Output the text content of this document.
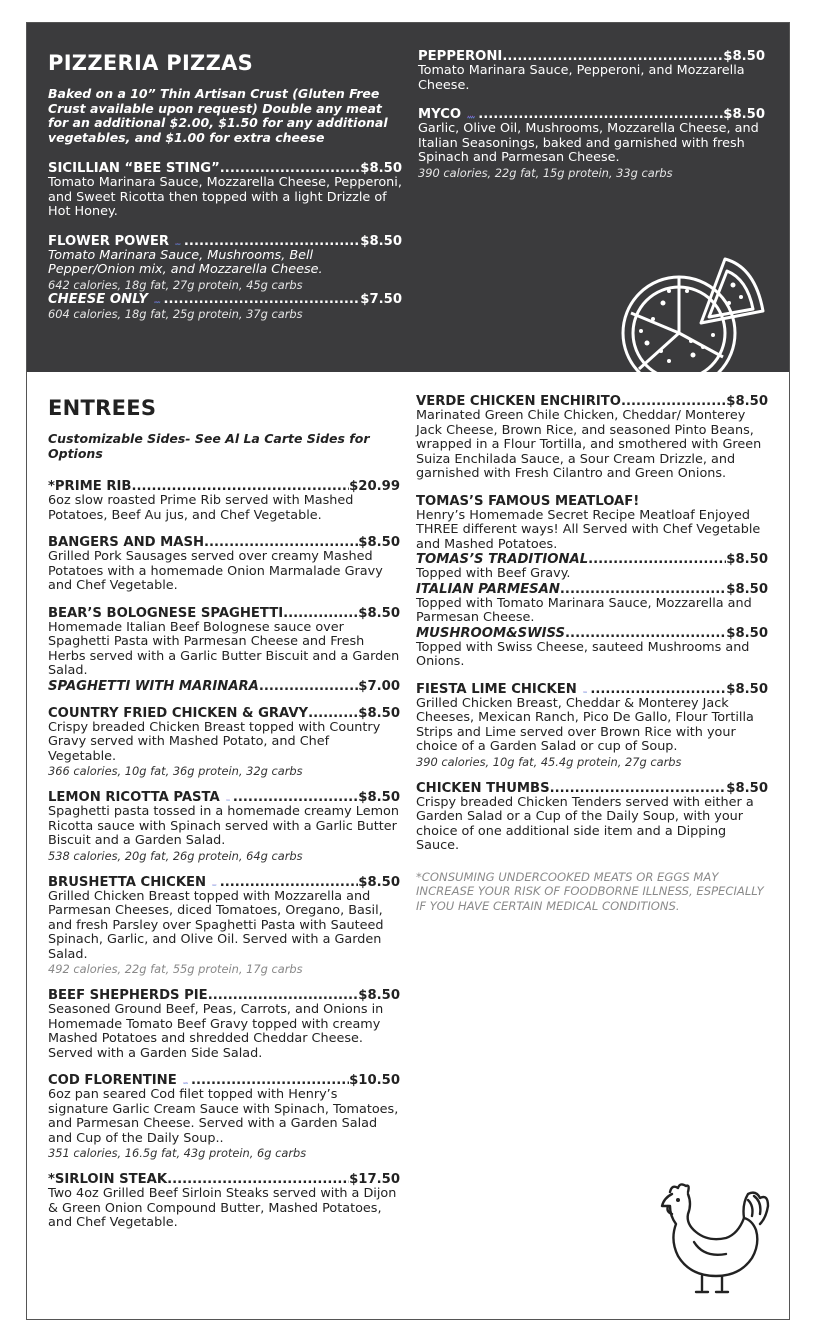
PIZZERIA PIZZAS
Baked on a 10” Thin Artisan Crust (Gluten Free Crust available upon request) Double any meat for an additional $2.00, $1.50 for any additional vegetables, and $1.00 for extra cheese
SICILLIAN “BEE STING” .....	$8.50
Tomato Marinara Sauce, Mozzarella Cheese, Pepperoni, and Sweet Ricotta then topped with a light Drizzle of Hot Honey.
FLOWER POWER .....	$8.50
Tomato Marinara Sauce, Mushrooms, Bell Pepper/Onion mix, and Mozzarella Cheese.
642 calories, 18g fat, 27g protein, 45g carbs
CHEESE ONLY .....	$7.50
604 calories, 18g fat, 25g protein, 37g carbs
PEPPERONI .....	$8.50
Tomato Marinara Sauce, Pepperoni, and Mozzarella Cheese.
MYCO .....	$8.50
Garlic, Olive Oil, Mushrooms, Mozzarella Cheese, and Italian Seasonings, baked and garnished with fresh Spinach and Parmesan Cheese.
390 calories, 22g fat, 15g protein, 33g carbs
ENTREES
Customizable Sides- See Al La Carte Sides for Options
*PRIME RIB .....	$20.99
6oz slow roasted Prime Rib served with Mashed Potatoes, Beef Au jus, and Chef Vegetable.
BANGERS AND MASH .....	$8.50
Grilled Pork Sausages served over creamy Mashed Potatoes with a homemade Onion Marmalade Gravy and Chef Vegetable.
BEAR’S BOLOGNESE SPAGHETTI .....	$8.50
Homemade Italian Beef Bolognese sauce over Spaghetti Pasta with Parmesan Cheese and Fresh Herbs served with a Garlic Butter Biscuit and a Garden Salad.
SPAGHETTI WITH MARINARA .....	$7.00
COUNTRY FRIED CHICKEN & GRAVY .....	$8.50
Crispy breaded Chicken Breast topped with Country Gravy served with Mashed Potato, and Chef Vegetable.
366 calories, 10g fat, 36g protein, 32g carbs
LEMON RICOTTA PASTA .....	$8.50
Spaghetti pasta tossed in a homemade creamy Lemon Ricotta sauce with Spinach served with a Garlic Butter Biscuit and a Garden Salad.
538 calories, 20g fat, 26g protein, 64g carbs
BRUSHETTA CHICKEN .....	$8.50
Grilled Chicken Breast topped with Mozzarella and Parmesan Cheeses, diced Tomatoes, Oregano, Basil, and fresh Parsley over Spaghetti Pasta with Sauteed Spinach, Garlic, and Olive Oil. Served with a Garden Salad.
492 calories, 22g fat, 55g protein, 17g carbs
BEEF SHEPHERDS PIE .....	$8.50
Seasoned Ground Beef, Peas, Carrots, and Onions in Homemade Tomato Beef Gravy topped with creamy Mashed Potatoes and shredded Cheddar Cheese. Served with a Garden Side Salad.
COD FLORENTINE .....	$10.50
6oz pan seared Cod filet topped with Henry’s signature Garlic Cream Sauce with Spinach, Tomatoes, and Parmesan Cheese. Served with a Garden Salad and Cup of the Daily Soup..
351 calories, 16.5g fat, 43g protein, 6g carbs
*SIRLOIN STEAK .....	$17.50
Two 4oz Grilled Beef Sirloin Steaks served with a Dijon & Green Onion Compound Butter, Mashed Potatoes, and Chef Vegetable.
VERDE CHICKEN ENCHIRITO .....	$8.50
Marinated Green Chile Chicken, Cheddar/ Monterey Jack Cheese, Brown Rice, and seasoned Pinto Beans, wrapped in a Flour Tortilla, and smothered with Green Suiza Enchilada Sauce, a Sour Cream Drizzle, and garnished with Fresh Cilantro and Green Onions.
TOMAS’S FAMOUS MEATLOAF!
Henry’s Homemade Secret Recipe Meatloaf Enjoyed THREE different ways! All Served with Chef Vegetable and Mashed Potatoes.
TOMAS’S TRADITIONAL .....	$8.50
Topped with Beef Gravy.
ITALIAN PARMESAN .....	$8.50
Topped with Tomato Marinara Sauce, Mozzarella and Parmesan Cheese.
MUSHROOM&SWISS .....	$8.50
Topped with Swiss Cheese, sauteed Mushrooms and Onions.
FIESTA LIME CHICKEN .....	$8.50
Grilled Chicken Breast, Cheddar & Monterey Jack Cheeses, Mexican Ranch, Pico De Gallo, Flour Tortilla Strips and Lime served over Brown Rice with your choice of a Garden Salad or cup of Soup.
390 calories, 10g fat, 45.4g protein, 27g carbs
CHICKEN THUMBS .....	$8.50
Crispy breaded Chicken Tenders served with either a Garden Salad or a Cup of the Daily Soup, with your choice of one additional side item and a Dipping Sauce.
*CONSUMING UNDERCOOKED MEATS OR EGGS MAY INCREASE YOUR RISK OF FOODBORNE ILLNESS, ESPECIALLY IF YOU HAVE CERTAIN MEDICAL CONDITIONS.
